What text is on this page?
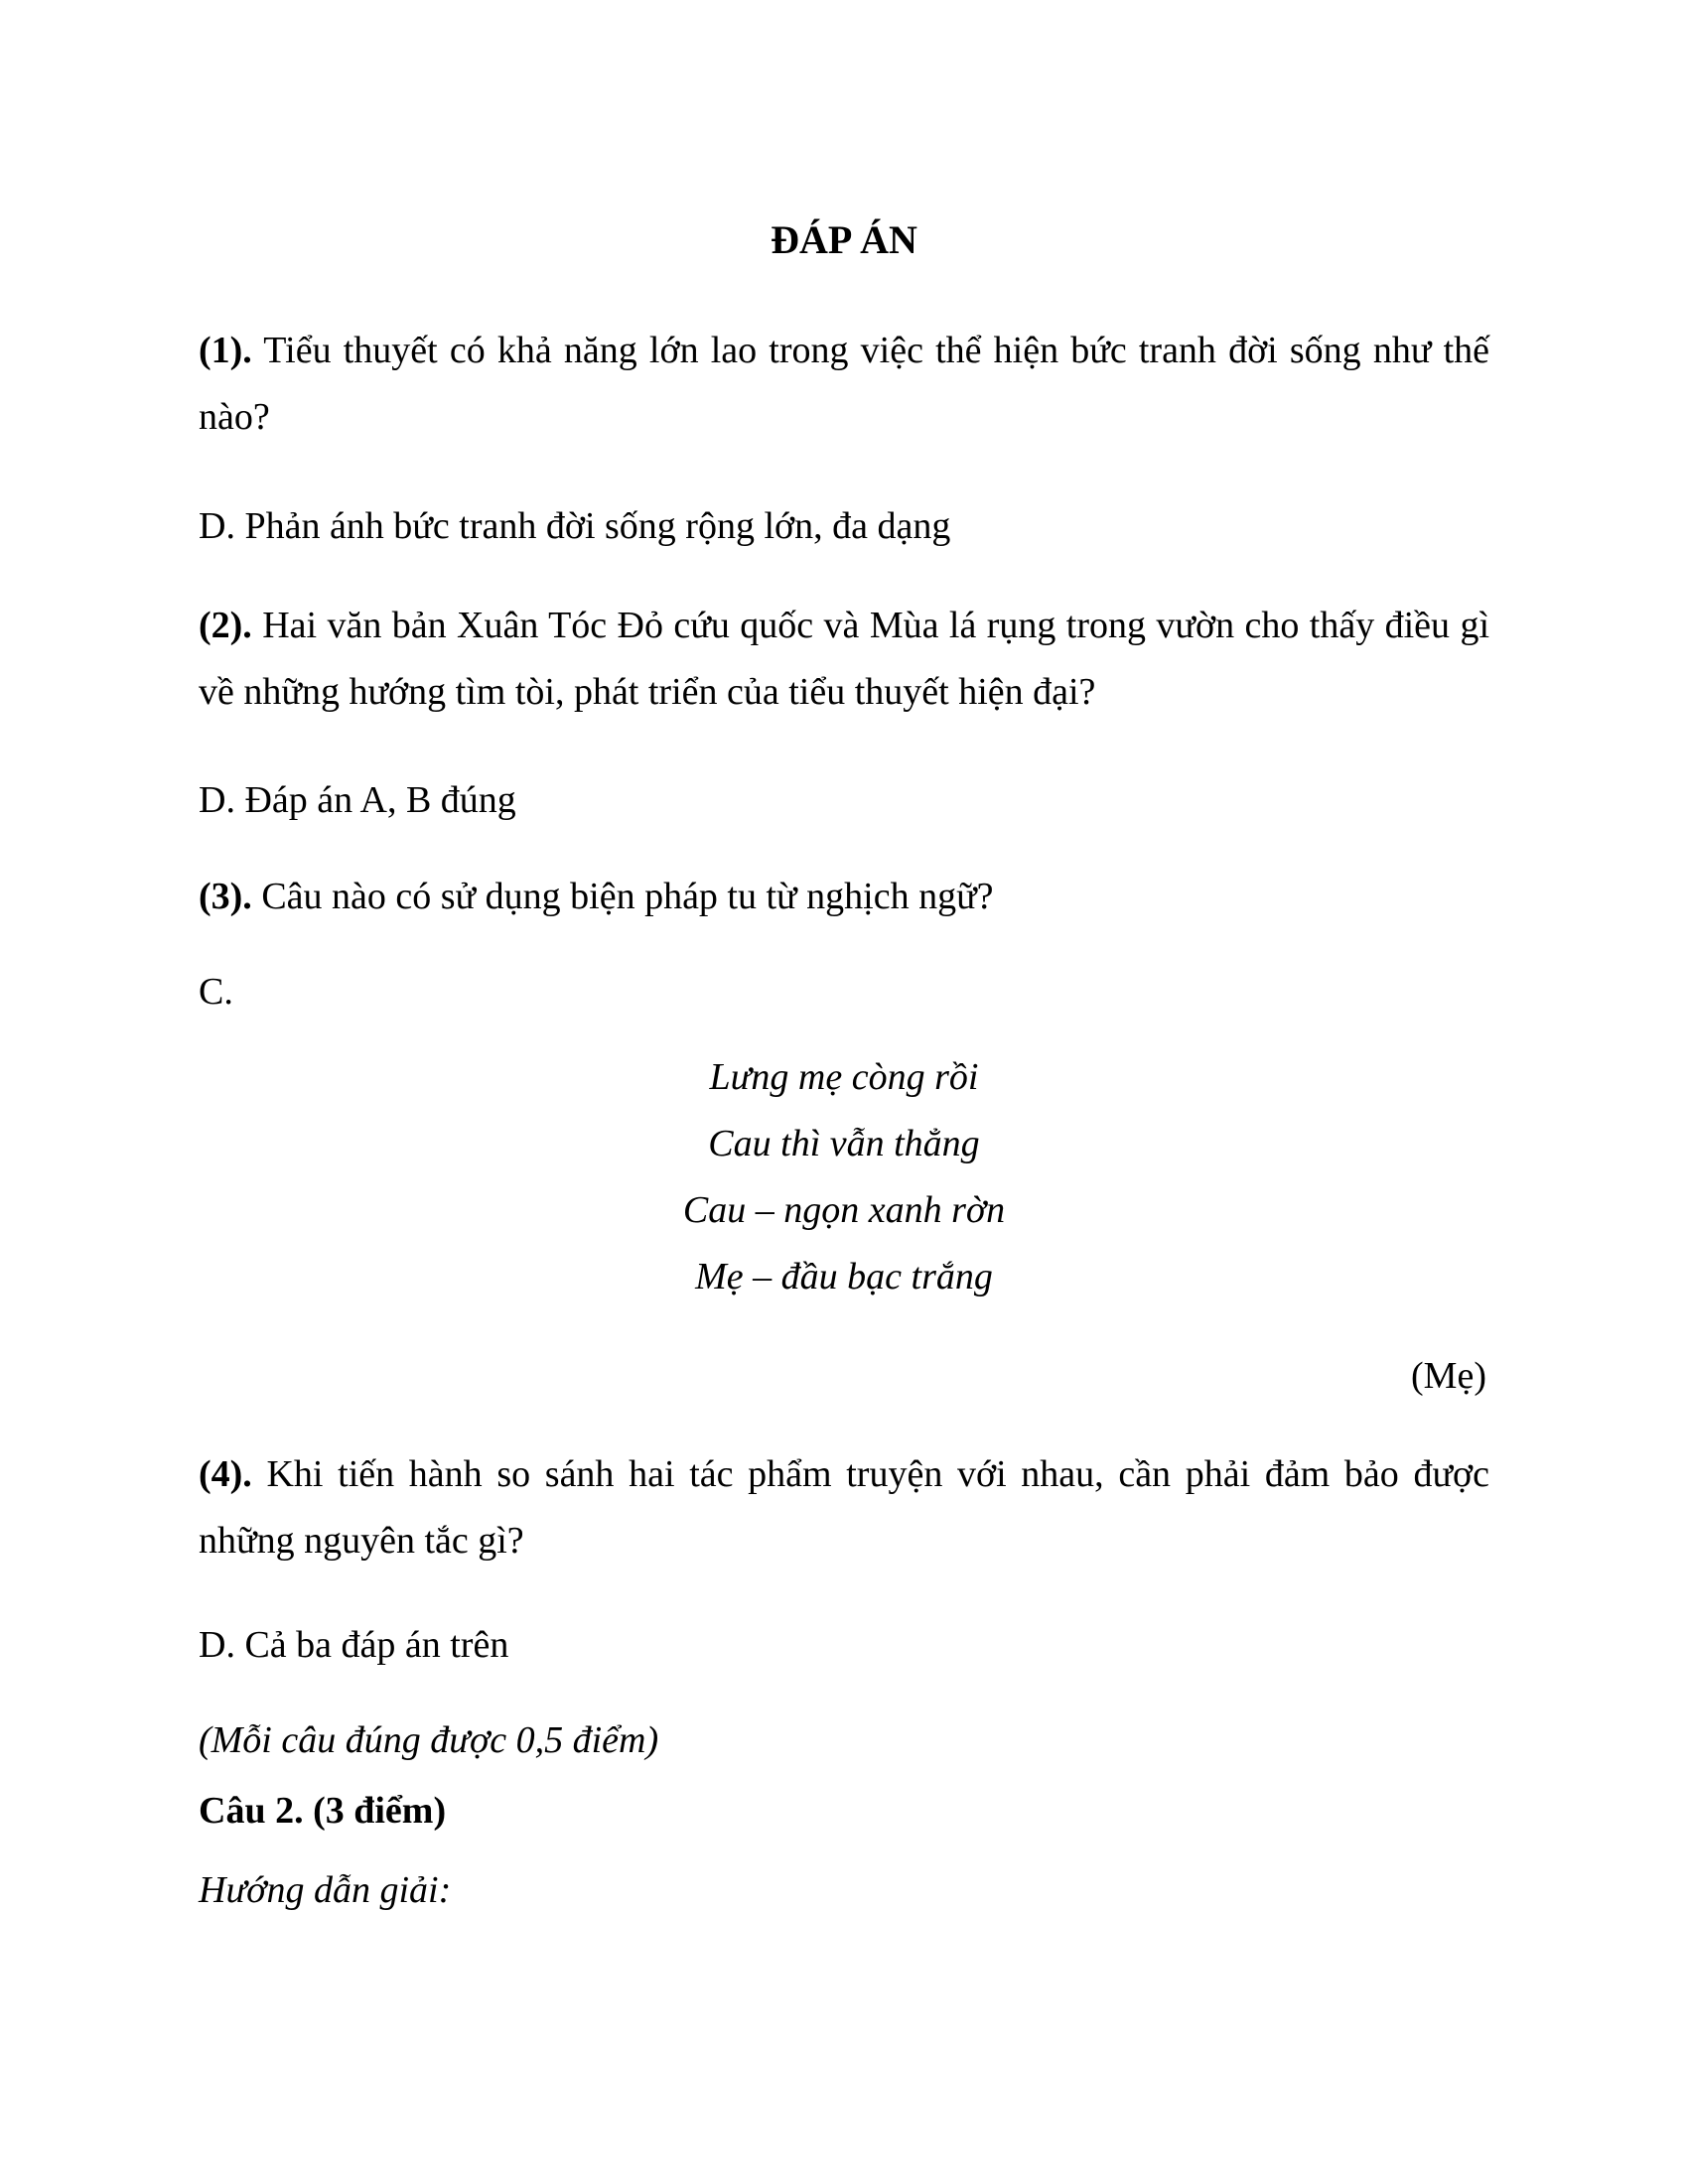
ĐÁP ÁN
(1). Tiểu thuyết có khả năng lớn lao trong việc thể hiện bức tranh đời sống như thế nào?
D. Phản ánh bức tranh đời sống rộng lớn, đa dạng
(2). Hai văn bản Xuân Tóc Đỏ cứu quốc và Mùa lá rụng trong vườn cho thấy điều gì về những hướng tìm tòi, phát triển của tiểu thuyết hiện đại?
D. Đáp án A, B đúng
(3). Câu nào có sử dụng biện pháp tu từ nghịch ngữ?
C.
Lưng mẹ còng rồi
Cau thì vẫn thẳng
Cau – ngọn xanh rờn
Mẹ – đầu bạc trắng
(Mẹ)
(4). Khi tiến hành so sánh hai tác phẩm truyện với nhau, cần phải đảm bảo được những nguyên tắc gì?
D. Cả ba đáp án trên
(Mỗi câu đúng được 0,5 điểm)
Câu 2. (3 điểm)
Hướng dẫn giải:
